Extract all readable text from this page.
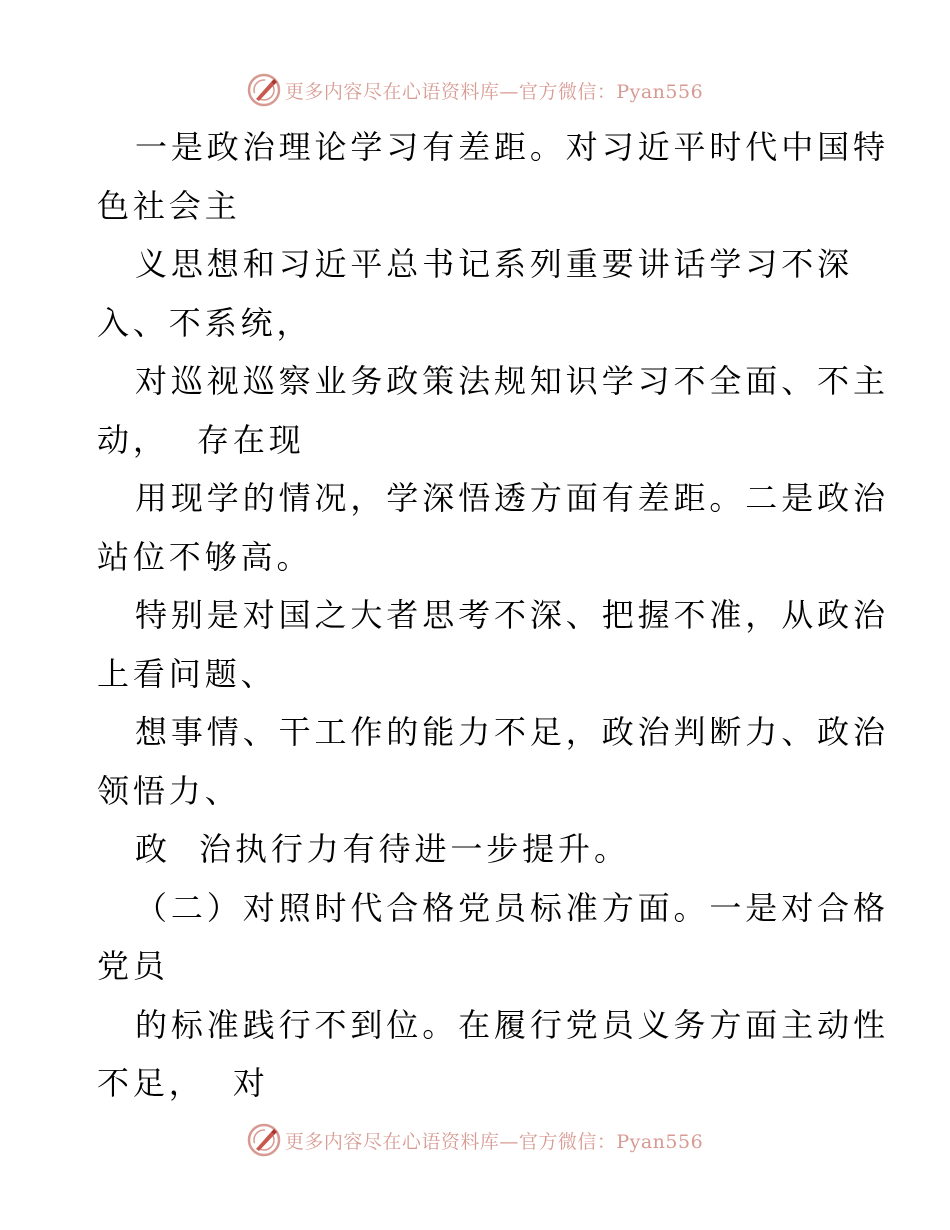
更多内容尽在心语资料库—官方微信：Pyan556
一是政治理论学习有差距。对习近平时代中国特
色社会主
义思想和习近平总书记系列重要讲话学习不深
入、不系统，
对巡视巡察业务政策法规知识学习不全面、不主
动，  存在现
用现学的情况，学深悟透方面有差距。二是政治
站位不够高。
特别是对国之大者思考不深、把握不准，从政治
上看问题、
想事情、干工作的能力不足，政治判断力、政治
领悟力、
政  治执行力有待进一步提升。
（二）对照时代合格党员标准方面。一是对合格
党员
的标准践行不到位。在履行党员义务方面主动性
不足，  对
更多内容尽在心语资料库—官方微信：Pyan556
